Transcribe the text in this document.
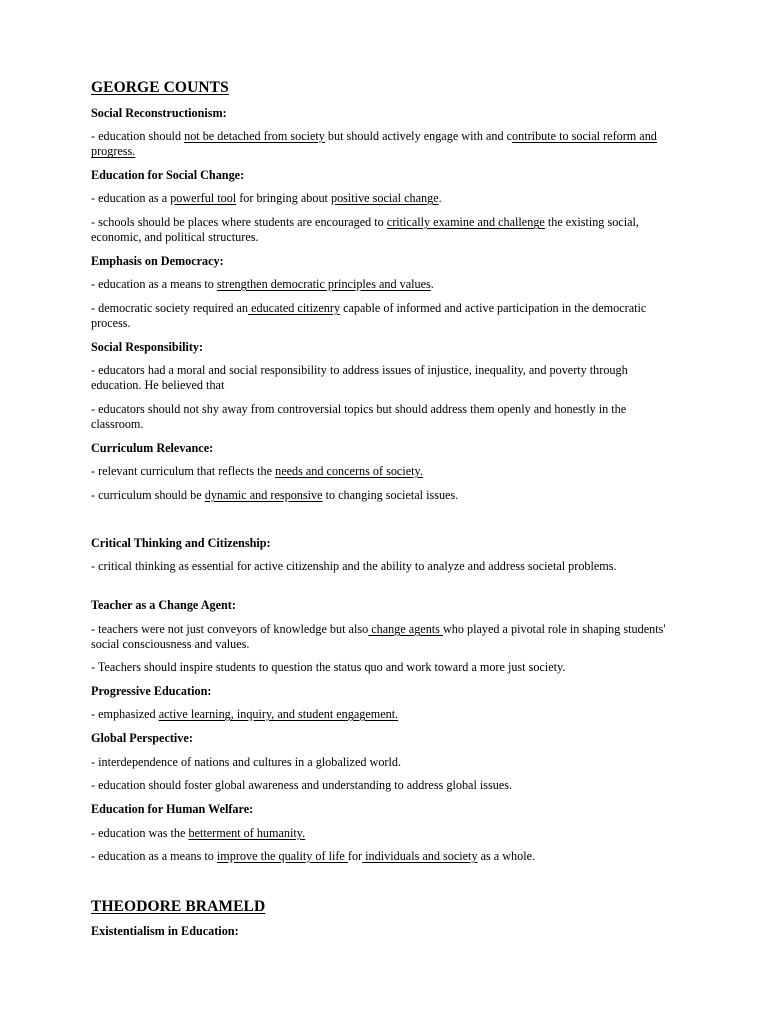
GEORGE COUNTS
Social Reconstructionism:
- education should not be detached from society but should actively engage with and contribute to social reform and progress.
Education for Social Change:
- education as a powerful tool for bringing about positive social change.
- schools should be places where students are encouraged to critically examine and challenge the existing social, economic, and political structures.
Emphasis on Democracy:
- education as a means to strengthen democratic principles and values.
- democratic society required an educated citizenry capable of informed and active participation in the democratic process.
Social Responsibility:
- educators had a moral and social responsibility to address issues of injustice, inequality, and poverty through education. He believed that
- educators should not shy away from controversial topics but should address them openly and honestly in the classroom.
Curriculum Relevance:
- relevant curriculum that reflects the needs and concerns of society.
- curriculum should be dynamic and responsive to changing societal issues.
Critical Thinking and Citizenship:
- critical thinking as essential for active citizenship and the ability to analyze and address societal problems.
Teacher as a Change Agent:
- teachers were not just conveyors of knowledge but also change agents who played a pivotal role in shaping students' social consciousness and values.
- Teachers should inspire students to question the status quo and work toward a more just society.
Progressive Education:
- emphasized active learning, inquiry, and student engagement.
Global Perspective:
- interdependence of nations and cultures in a globalized world.
- education should foster global awareness and understanding to address global issues.
Education for Human Welfare:
- education was the betterment of humanity.
- education as a means to improve the quality of life for individuals and society as a whole.
THEODORE BRAMELD
Existentialism in Education:
